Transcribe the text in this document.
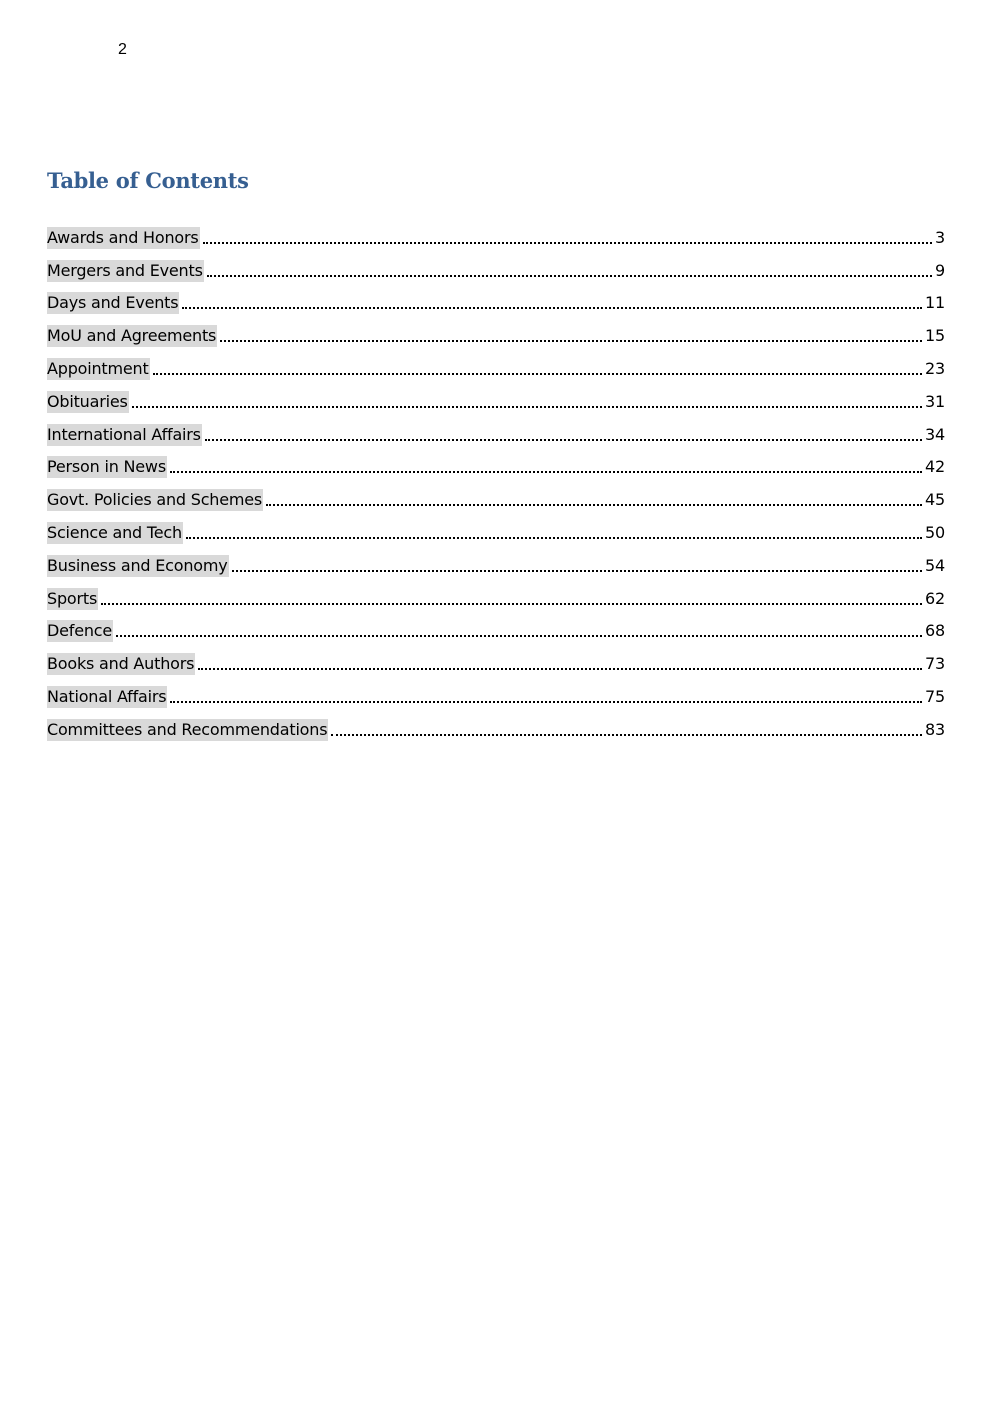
2
Table of Contents
Awards and Honors	3
Mergers and Events	9
Days and Events	11
MoU and Agreements	15
Appointment	23
Obituaries	31
International Affairs	34
Person in News	42
Govt. Policies and Schemes	45
Science and Tech	50
Business and Economy	54
Sports	62
Defence	68
Books and Authors	73
National Affairs	75
Committees and Recommendations	83
